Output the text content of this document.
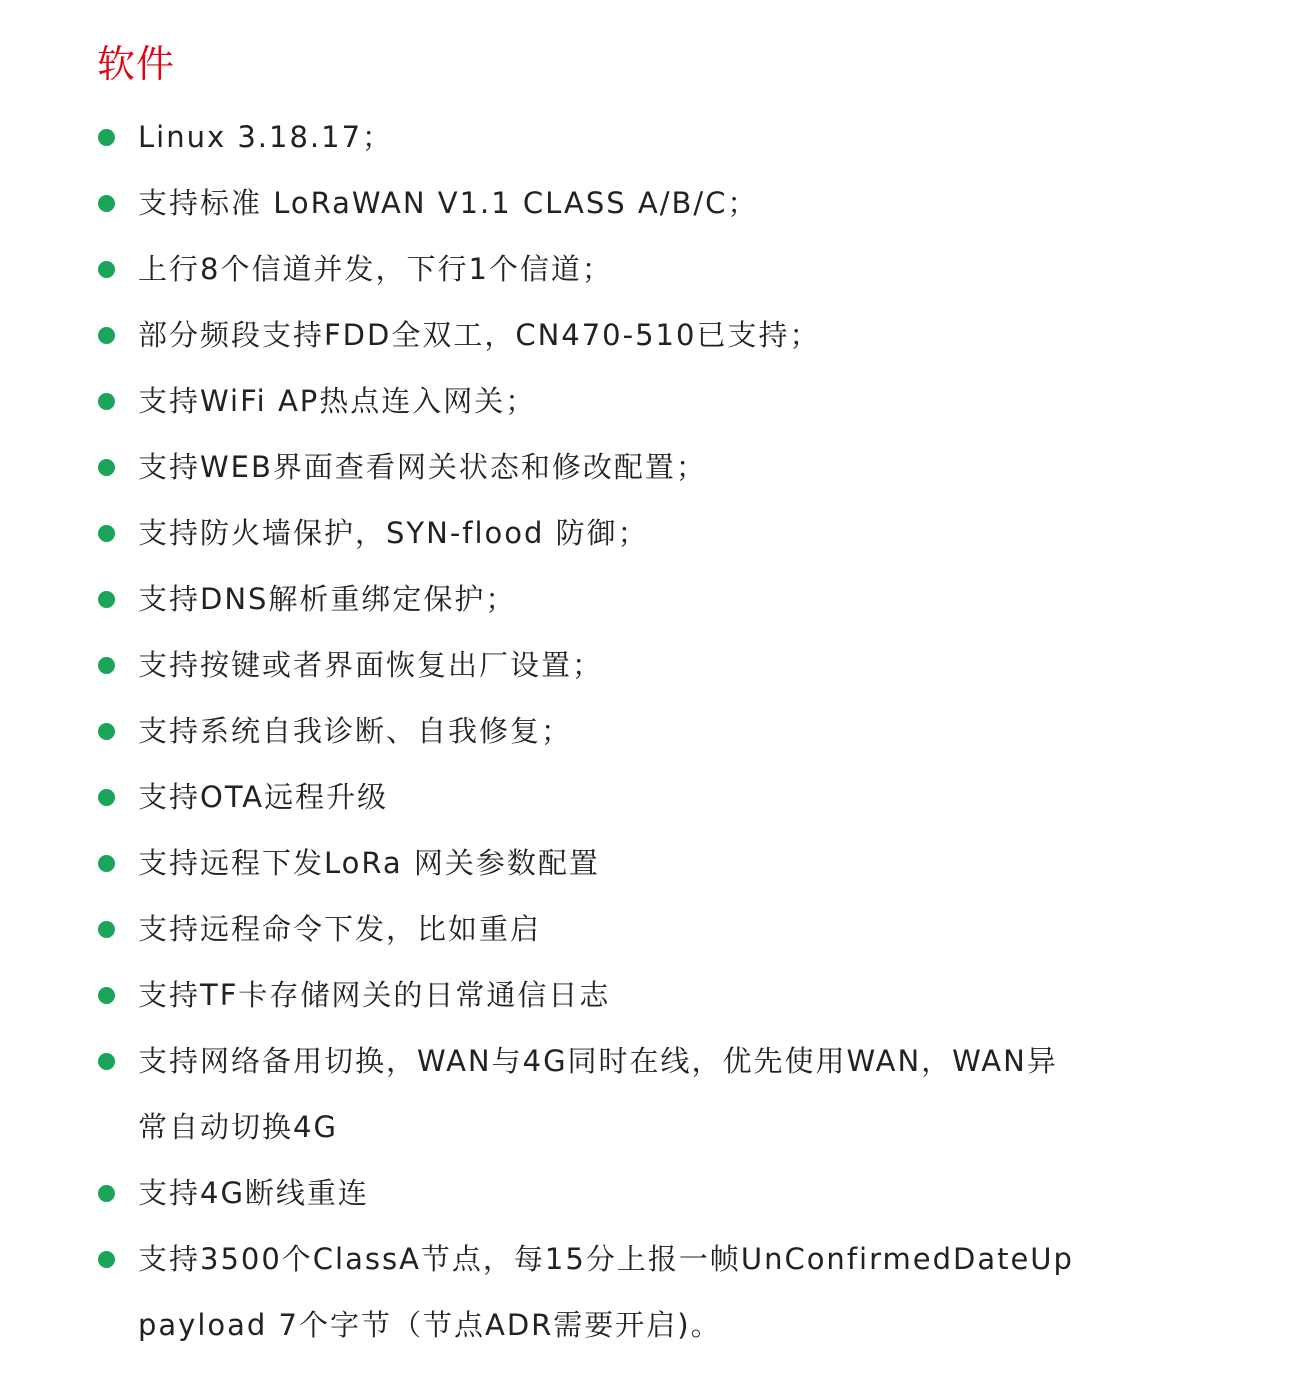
软件
Linux 3.18.17；
支持标准 LoRaWAN V1.1 CLASS A/B/C；
上行8个信道并发，下行1个信道；
部分频段支持FDD全双工，CN470-510已支持；
支持WiFi AP热点连入网关；
支持WEB界面查看网关状态和修改配置；
支持防火墙保护，SYN-flood 防御；
支持DNS解析重绑定保护；
支持按键或者界面恢复出厂设置；
支持系统自我诊断、自我修复；
支持OTA远程升级
支持远程下发LoRa 网关参数配置
支持远程命令下发，比如重启
支持TF卡存储网关的日常通信日志
支持网络备用切换，WAN与4G同时在线，优先使用WAN，WAN异常自动切换4G
支持4G断线重连
支持3500个ClassA节点，每15分上报一帧UnConfirmedDateUp payload 7个字节（节点ADR需要开启)。
